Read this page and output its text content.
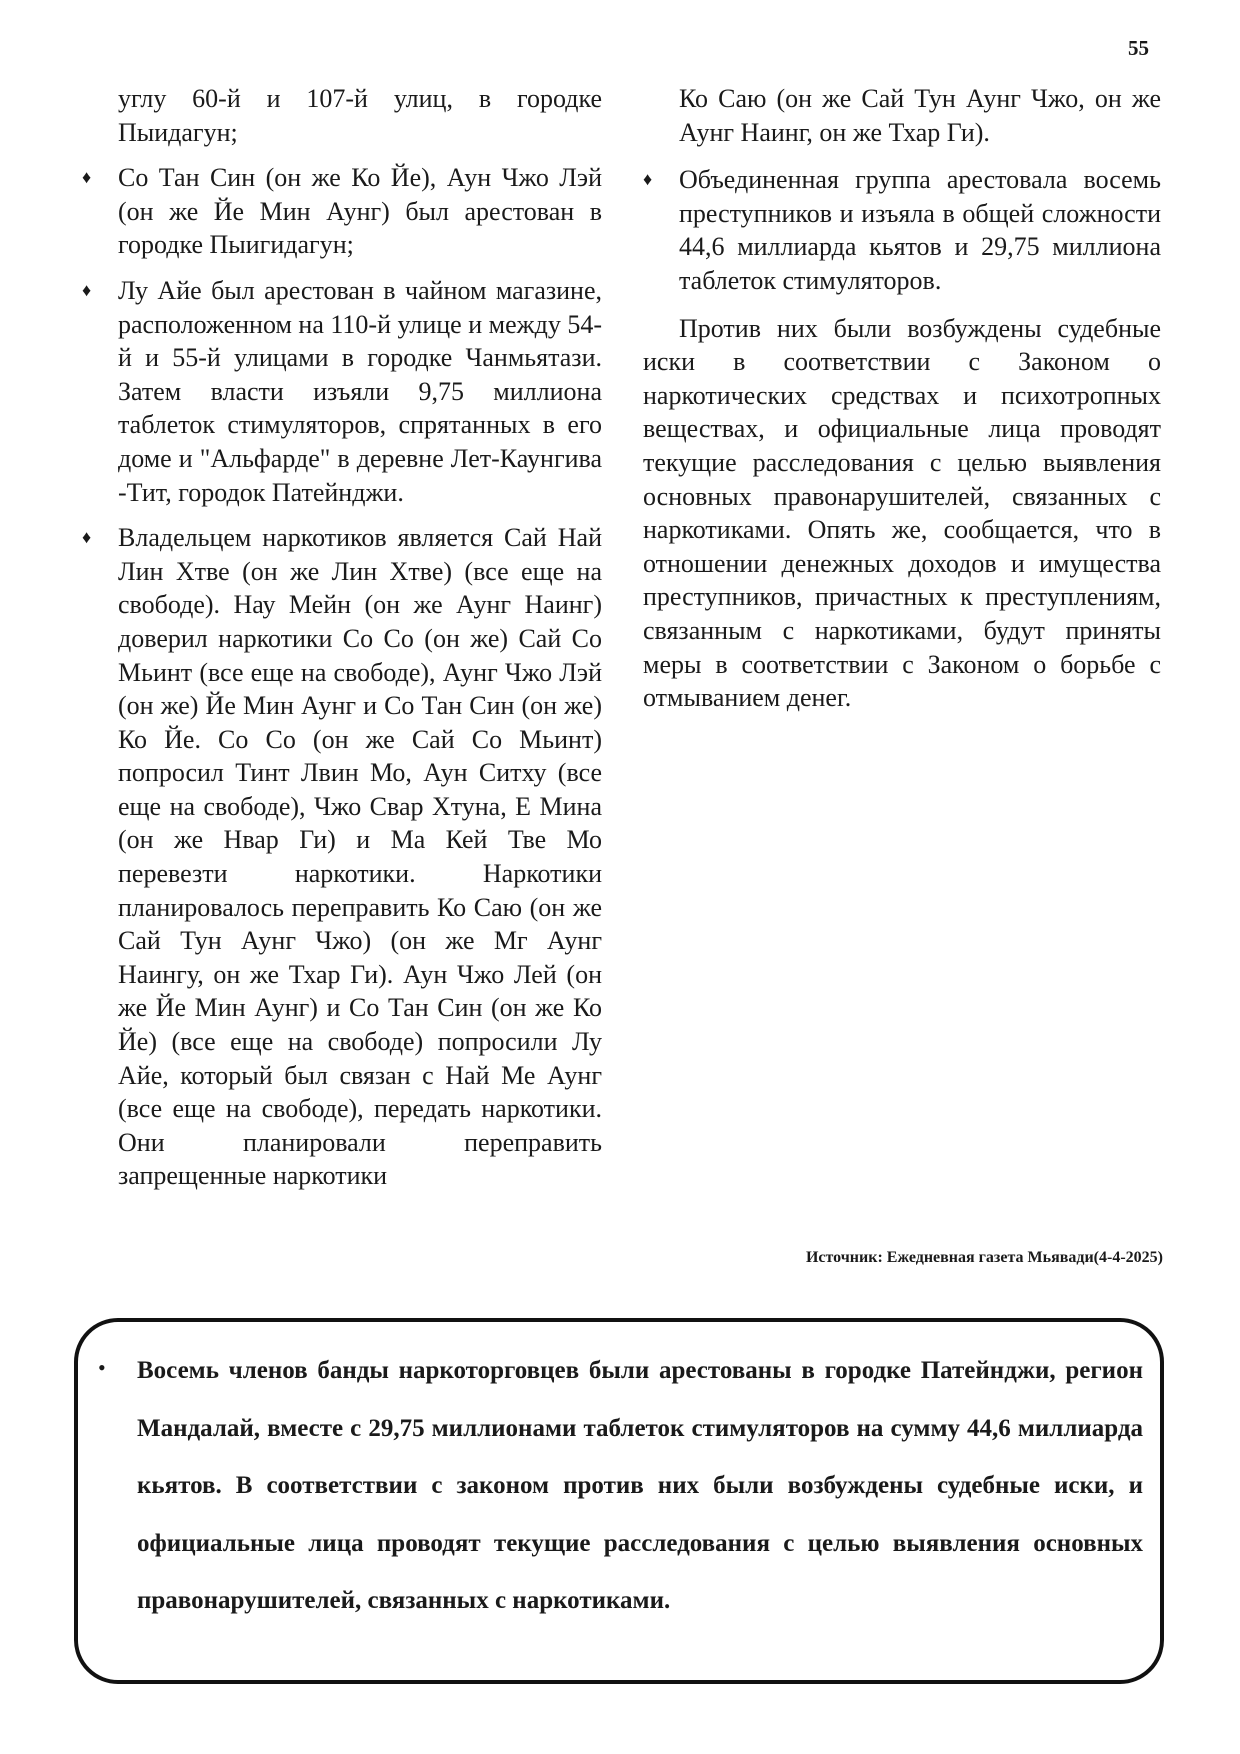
55

углу 60-й и 107-й улиц, в городке Пыидагун;

♦ Со Тан Син (он же Ко Йе), Аун Чжо Лэй (он же Йе Мин Аунг) был арестован в городке Пыигидагун;

♦ Лу Айе был арестован в чайном магазине, расположенном на 110-й улице и между 54-й и 55-й улицами в городке Чанмьятази. Затем власти изъяли 9,75 миллиона таблеток стимуляторов, спрятанных в его доме и "Альфарде" в деревне Лет-Каунгива -Тит, городок Патейнджи.

♦ Владельцем наркотиков является Сай Най Лин Хтве (он же Лин Хтве) (все еще на свободе). Нау Мейн (он же Аунг Наинг) доверил наркотики Со Со (он же) Сай Со Мьинт (все еще на свободе), Аунг Чжо Лэй (он же) Йе Мин Аунг и Со Тан Син (он же) Ко Йе. Со Со (он же Сай Со Мьинт) попросил Тинт Лвин Мо, Аун Ситху (все еще на свободе), Чжо Свар Хтуна, Е Мина (он же Нвар Ги) и Ма Кей Тве Мо перевезти наркотики. Наркотики планировалось переправить Ко Саю (он же Сай Тун Аунг Чжо) (он же Мг Аунг Наингу, он же Тхар Ги). Аун Чжо Лей (он же Йе Мин Аунг) и Со Тан Син (он же Ко Йе) (все еще на свободе) попросили Лу Айе, который был связан с Най Ме Аунг (все еще на свободе), передать наркотики. Они планировали переправить запрещенные наркотики

Ко Саю (он же Сай Тун Аунг Чжо, он же Аунг Наинг, он же Тхар Ги).

♦ Объединенная группа арестовала восемь преступников и изъяла в общей сложности 44,6 миллиарда кьятов и 29,75 миллиона таблеток стимуляторов.

Против них были возбуждены судебные иски в соответствии с Законом о наркотических средствах и психотропных веществах, и официальные лица проводят текущие расследования с целью выявления основных правонарушителей, связанных с наркотиками. Опять же, сообщается, что в отношении денежных доходов и имущества преступников, причастных к преступлениям, связанным с наркотиками, будут приняты меры в соответствии с Законом о борьбе с отмыванием денег.

Источник: Ежедневная газета Мьявади(4-4-2025)
• Восемь членов банды наркоторговцев были арестованы в городке Патейнджи, регион Мандалай, вместе с 29,75 миллионами таблеток стимуляторов на сумму 44,6 миллиарда кьятов. В соответствии с законом против них были возбуждены судебные иски, и официальные лица проводят текущие расследования с целью выявления основных правонарушителей, связанных с наркотиками.
